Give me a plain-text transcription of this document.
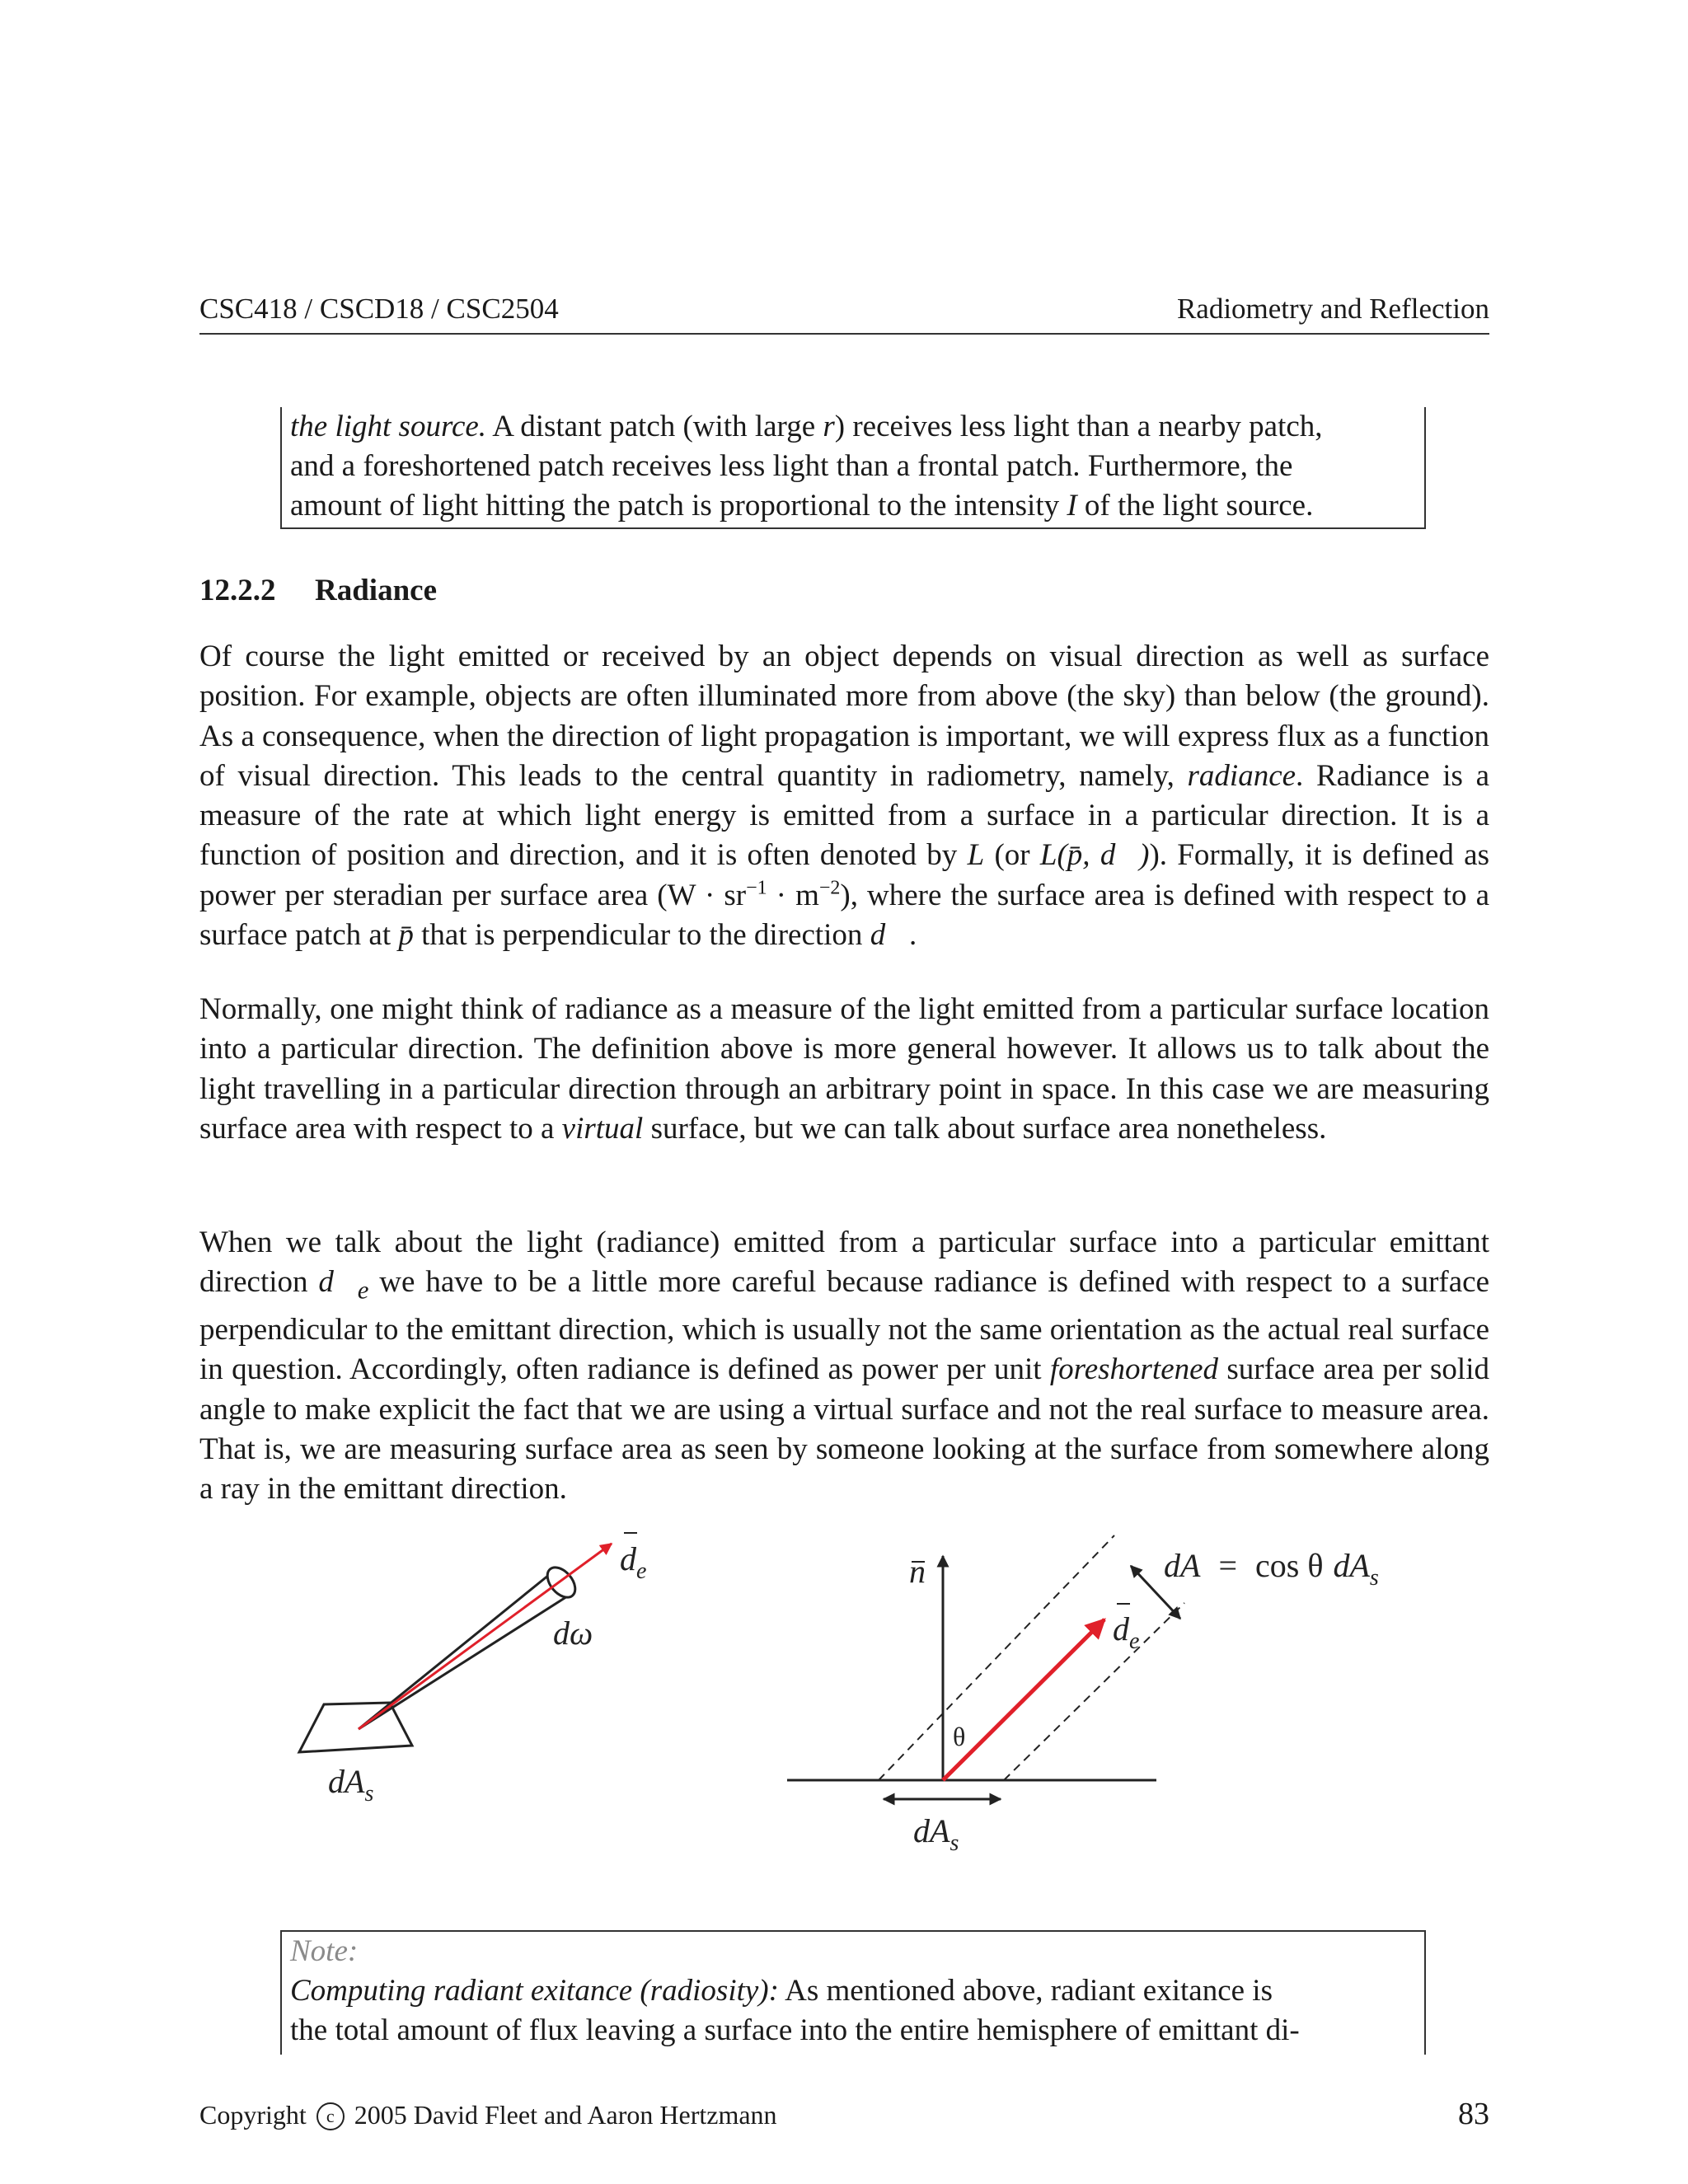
CSC418 / CSCD18 / CSC2504	Radiometry and Reflection

the light source. A distant patch (with large r) receives less light than a nearby patch,

and a foreshortened patch receives less light than a frontal patch. Furthermore, the

amount of light hitting the patch is proportional to the intensity I of the light source.

12.2.2 Radiance

Of course the light emitted or received by an object depends on visual direction as well as surface position. For example, objects are often illuminated more from above (the sky) than below (the ground). As a consequence, when the direction of light propagation is important, we will express flux as a function of visual direction. This leads to the central quantity in radiometry, namely, radiance. Radiance is a measure of the rate at which light energy is emitted from a surface in a particular direction. It is a function of position and direction, and it is often denoted by L (or L(p̄, d⃗)). Formally, it is defined as power per steradian per surface area $(W \cdot sr^{-1} \cdot m^{-2})$, where the surface area is defined with respect to a surface patch at p̄ that is perpendicular to the direction d⃗.

Normally, one might think of radiance as a measure of the light emitted from a particular surface location into a particular direction. The definition above is more general however. It allows us to talk about the light travelling in a particular direction through an arbitrary point in space. In this case we are measuring surface area with respect to a virtual surface, but we can talk about surface area nonetheless.

When we talk about the light (radiance) emitted from a particular surface into a particular emittant direction $d⃗_e$ we have to be a little more careful because radiance is defined with respect to a surface perpendicular to the emittant direction, which is usually not the same orientation as the actual real surface in question. Accordingly, often radiance is defined as power per unit foreshortened surface area per solid angle to make explicit the fact that we are using a virtual surface and not the real surface to measure area. That is, we are measuring surface area as seen by someone looking at the surface from somewhere along a ray in the emittant direction.

$d_e$
dω
$dA_s$
n
θ
$d_e$
$dA_s$
dA = cos θ $dA_s$

Note:

Computing radiant exitance (radiosity): As mentioned above, radiant exitance is

the total amount of flux leaving a surface into the entire hemisphere of emittant di-

Copyright c 2005 David Fleet and Aaron Hertzmann	83
